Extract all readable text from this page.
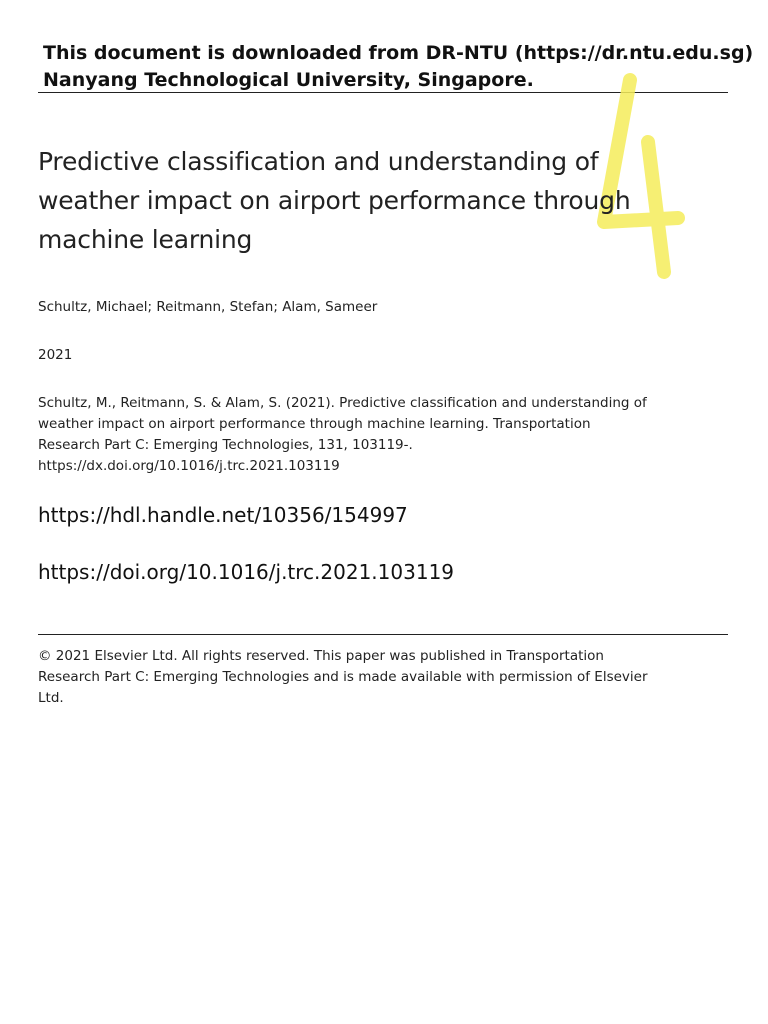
This document is downloaded from DR‑NTU (https://dr.ntu.edu.sg)
Nanyang Technological University, Singapore.
Predictive classification and understanding of
weather impact on airport performance through
machine learning
Schultz, Michael; Reitmann, Stefan; Alam, Sameer
2021
Schultz, M., Reitmann, S. & Alam, S. (2021). Predictive classification and understanding of
weather impact on airport performance through machine learning. Transportation
Research Part C: Emerging Technologies, 131, 103119‑.
https://dx.doi.org/10.1016/j.trc.2021.103119
https://hdl.handle.net/10356/154997
https://doi.org/10.1016/j.trc.2021.103119
© 2021 Elsevier Ltd. All rights reserved. This paper was published in Transportation
Research Part C: Emerging Technologies and is made available with permission of Elsevier
Ltd.
